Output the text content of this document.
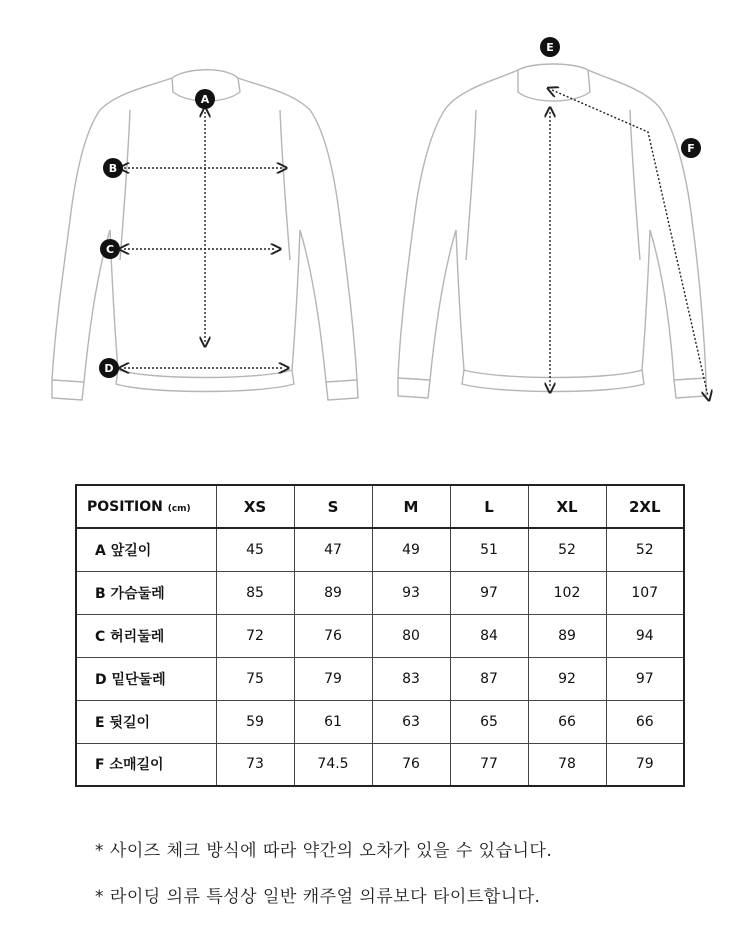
A
B
C
D
E
F
POSITION (cm)	XS	S	M	L	XL	2XL
A 앞길이	45	47	49	51	52	52
B 가슴둘레	85	89	93	97	102	107
C 허리둘레	72	76	80	84	89	94
D 밑단둘레	75	79	83	87	92	97
E 뒷길이	59	61	63	65	66	66
F 소매길이	73	74.5	76	77	78	79
* 사이즈 체크 방식에 따라 약간의 오차가 있을 수 있습니다.
* 라이딩 의류 특성상 일반 캐주얼 의류보다 타이트합니다.
